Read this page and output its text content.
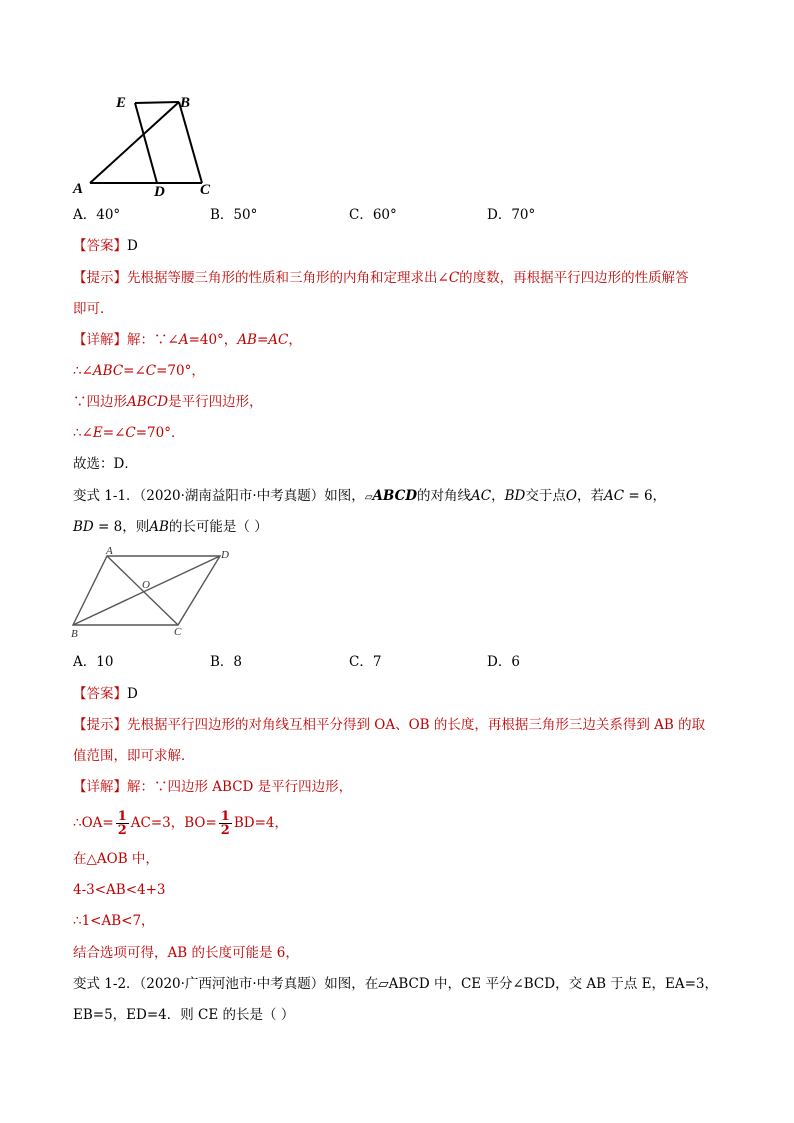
E	B
A	D C
A．40°	B．50°	C．60°	D．70°
【答案】D
【提示】先根据等腰三角形的性质和三角形的内角和定理求出∠C的度数，再根据平行四边形的性质解答
即可．
【详解】解：∵∠A=40°，AB=AC，
∴∠ABC=∠C=70°，
∵四边形ABCD是平行四边形，
∴∠E=∠C=70°．
故选：D．
变式 1-1．（2020·湖南益阳市·中考真题）如图，▱ABCD的对角线AC，BD交于点O，若AC = 6，
BD = 8，则AB的长可能是（ ）
A	D
O
B	C
A．10	B．8	C．7	D．6
【答案】D
【提示】先根据平行四边形的对角线互相平分得到 OA、OB 的长度，再根据三角形三边关系得到 AB 的取
值范围，即可求解．
【详解】解：∵四边形 ABCD 是平行四边形，
∴OA= $\frac{1}{2} AC=3$，$BO= \frac{1}{2} BD=4$，
在△AOB 中，
4-3<AB<4+3
∴1<AB<7，
结合选项可得，AB 的长度可能是 6，
变式 1-2．（2020·广西河池市·中考真题）如图，在▱ABCD 中，CE 平分∠BCD，交 AB 于点 E，EA=3，
EB=5，ED=4．则 CE 的长是（ ）
